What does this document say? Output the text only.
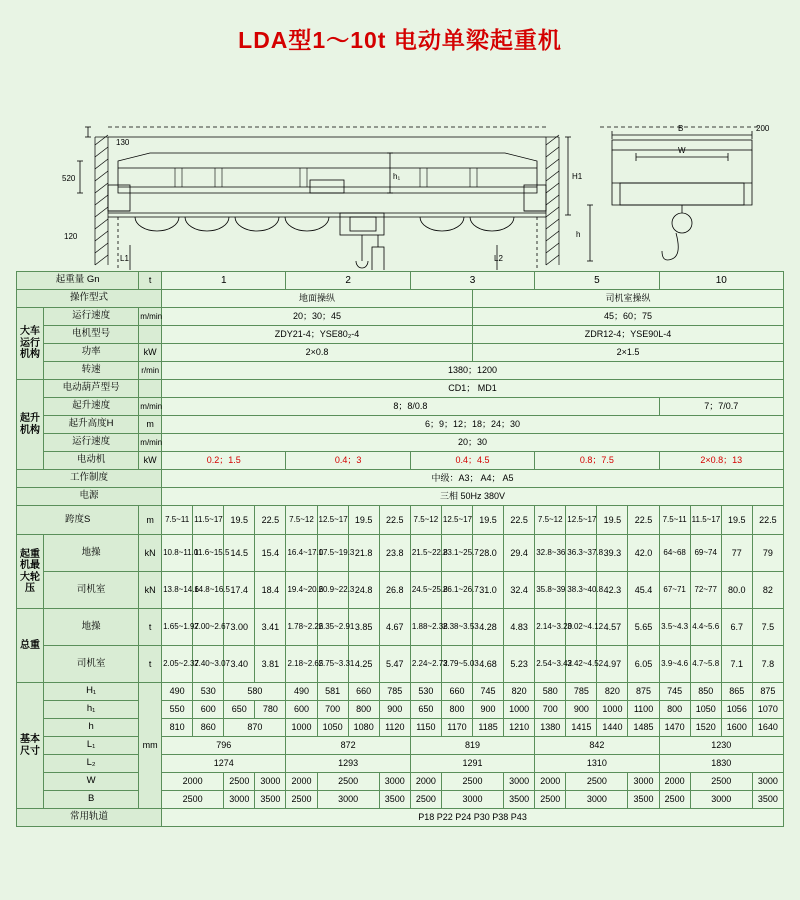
LDA型1～10t 电动单梁起重机
200
130
520
120
h₁	H1
L1	L2
B
W
h
起重量 Gn		t	1				2				3				5				10			
操作型式			地面操纵										司机室操纵									
大车运行机构	运行速度	m/min	20；30；45										45；60；75									
	电机型号		ZDY21-4；YSE80₂-4										ZDR12-4；YSE90L-4									
	功率	kW	2×0.8										2×1.5									
	转速	r/min	1380；1200																			
起升机构	电动葫芦型号		CD1； MD1																			
	起升速度	m/min	8；8/0.8																7；7/0.7			
	起升高度H	m	6；9；12；18；24；30																			
	运行速度	m/min	20；30																			
	电动机	kW	0.2；1.5				0.4；3				0.4；4.5				0.8；7.5				2×0.8；13			
工作制度			中级：A3； A4； A5																			
电源			三相 50Hz 380V																			
跨度S		m	7.5~11	11.5~17	19.5	22.5	7.5~12	12.5~17	19.5	22.5	7.5~12	12.5~17	19.5	22.5	7.5~12	12.5~17	19.5	22.5	7.5~11	11.5~17	19.5	22.5
起重机最大轮压	地操	kN	10.8~11.0	11.6~15.5	14.5	15.4	16.4~17.0	17.5~19.3	21.8	23.8	21.5~22.8	23.1~25.7	28.0	29.4	32.8~36	36.3~37.8	39.3	42.0	64~68	69~74	77	79
	司机室	kN	13.8~14.6	14.8~16.5	17.4	18.4	19.4~20.6	20.9~22.3	24.8	26.8	24.5~25.8	26.1~26.7	31.0	32.4	35.8~39	38.3~40.8	42.3	45.4	67~71	72~77	80.0	82
总重	地操	t	1.65~1.97	2.00~2.67	3.00	3.41	1.78~2.26	2.35~2.91	3.85	4.67	1.88~2.38	2.38~3.53	4.28	4.83	2.14~3.20	3.02~4.12	4.57	5.65	3.5~4.3	4.4~5.6	6.7	7.5
	司机室	t	2.05~2.37	2.40~3.07	3.40	3.81	2.18~2.65	2.75~3.31	4.25	5.47	2.24~2.72	3.79~5.03	4.68	5.23	2.54~3.42	3.42~4.52	4.97	6.05	3.9~4.6	4.7~5.8	7.1	7.8
基本尺寸	H₁	mm	490	530	580		490	581	660	785	530	660	745	820	580	785	820	875	745	850	865	875
	h₁		550	600	650	780	600	700	800	900	650	800	900	1000	700	900	1000	1100	800	1050	1056	1070
	h		810	860	870		1000	1050	1080	1120	1150	1170	1185	1210	1380	1415	1440	1485	1470	1520	1600	1640
	L₁		796				872				819				842				1230			
	L₂		1274				1293				1291				1310				1830			
	W		2000		2500	3000	2000	2500		3000	2000	2500		3000	2000	2500		3000	2000	2500		3000
	B		2500		3000	3500	2500	3000		3500	2500	3000		3500	2500	3000		3500	2500	3000		3500
常用轨道			P18 P22 P24 P30 P38 P43																			
